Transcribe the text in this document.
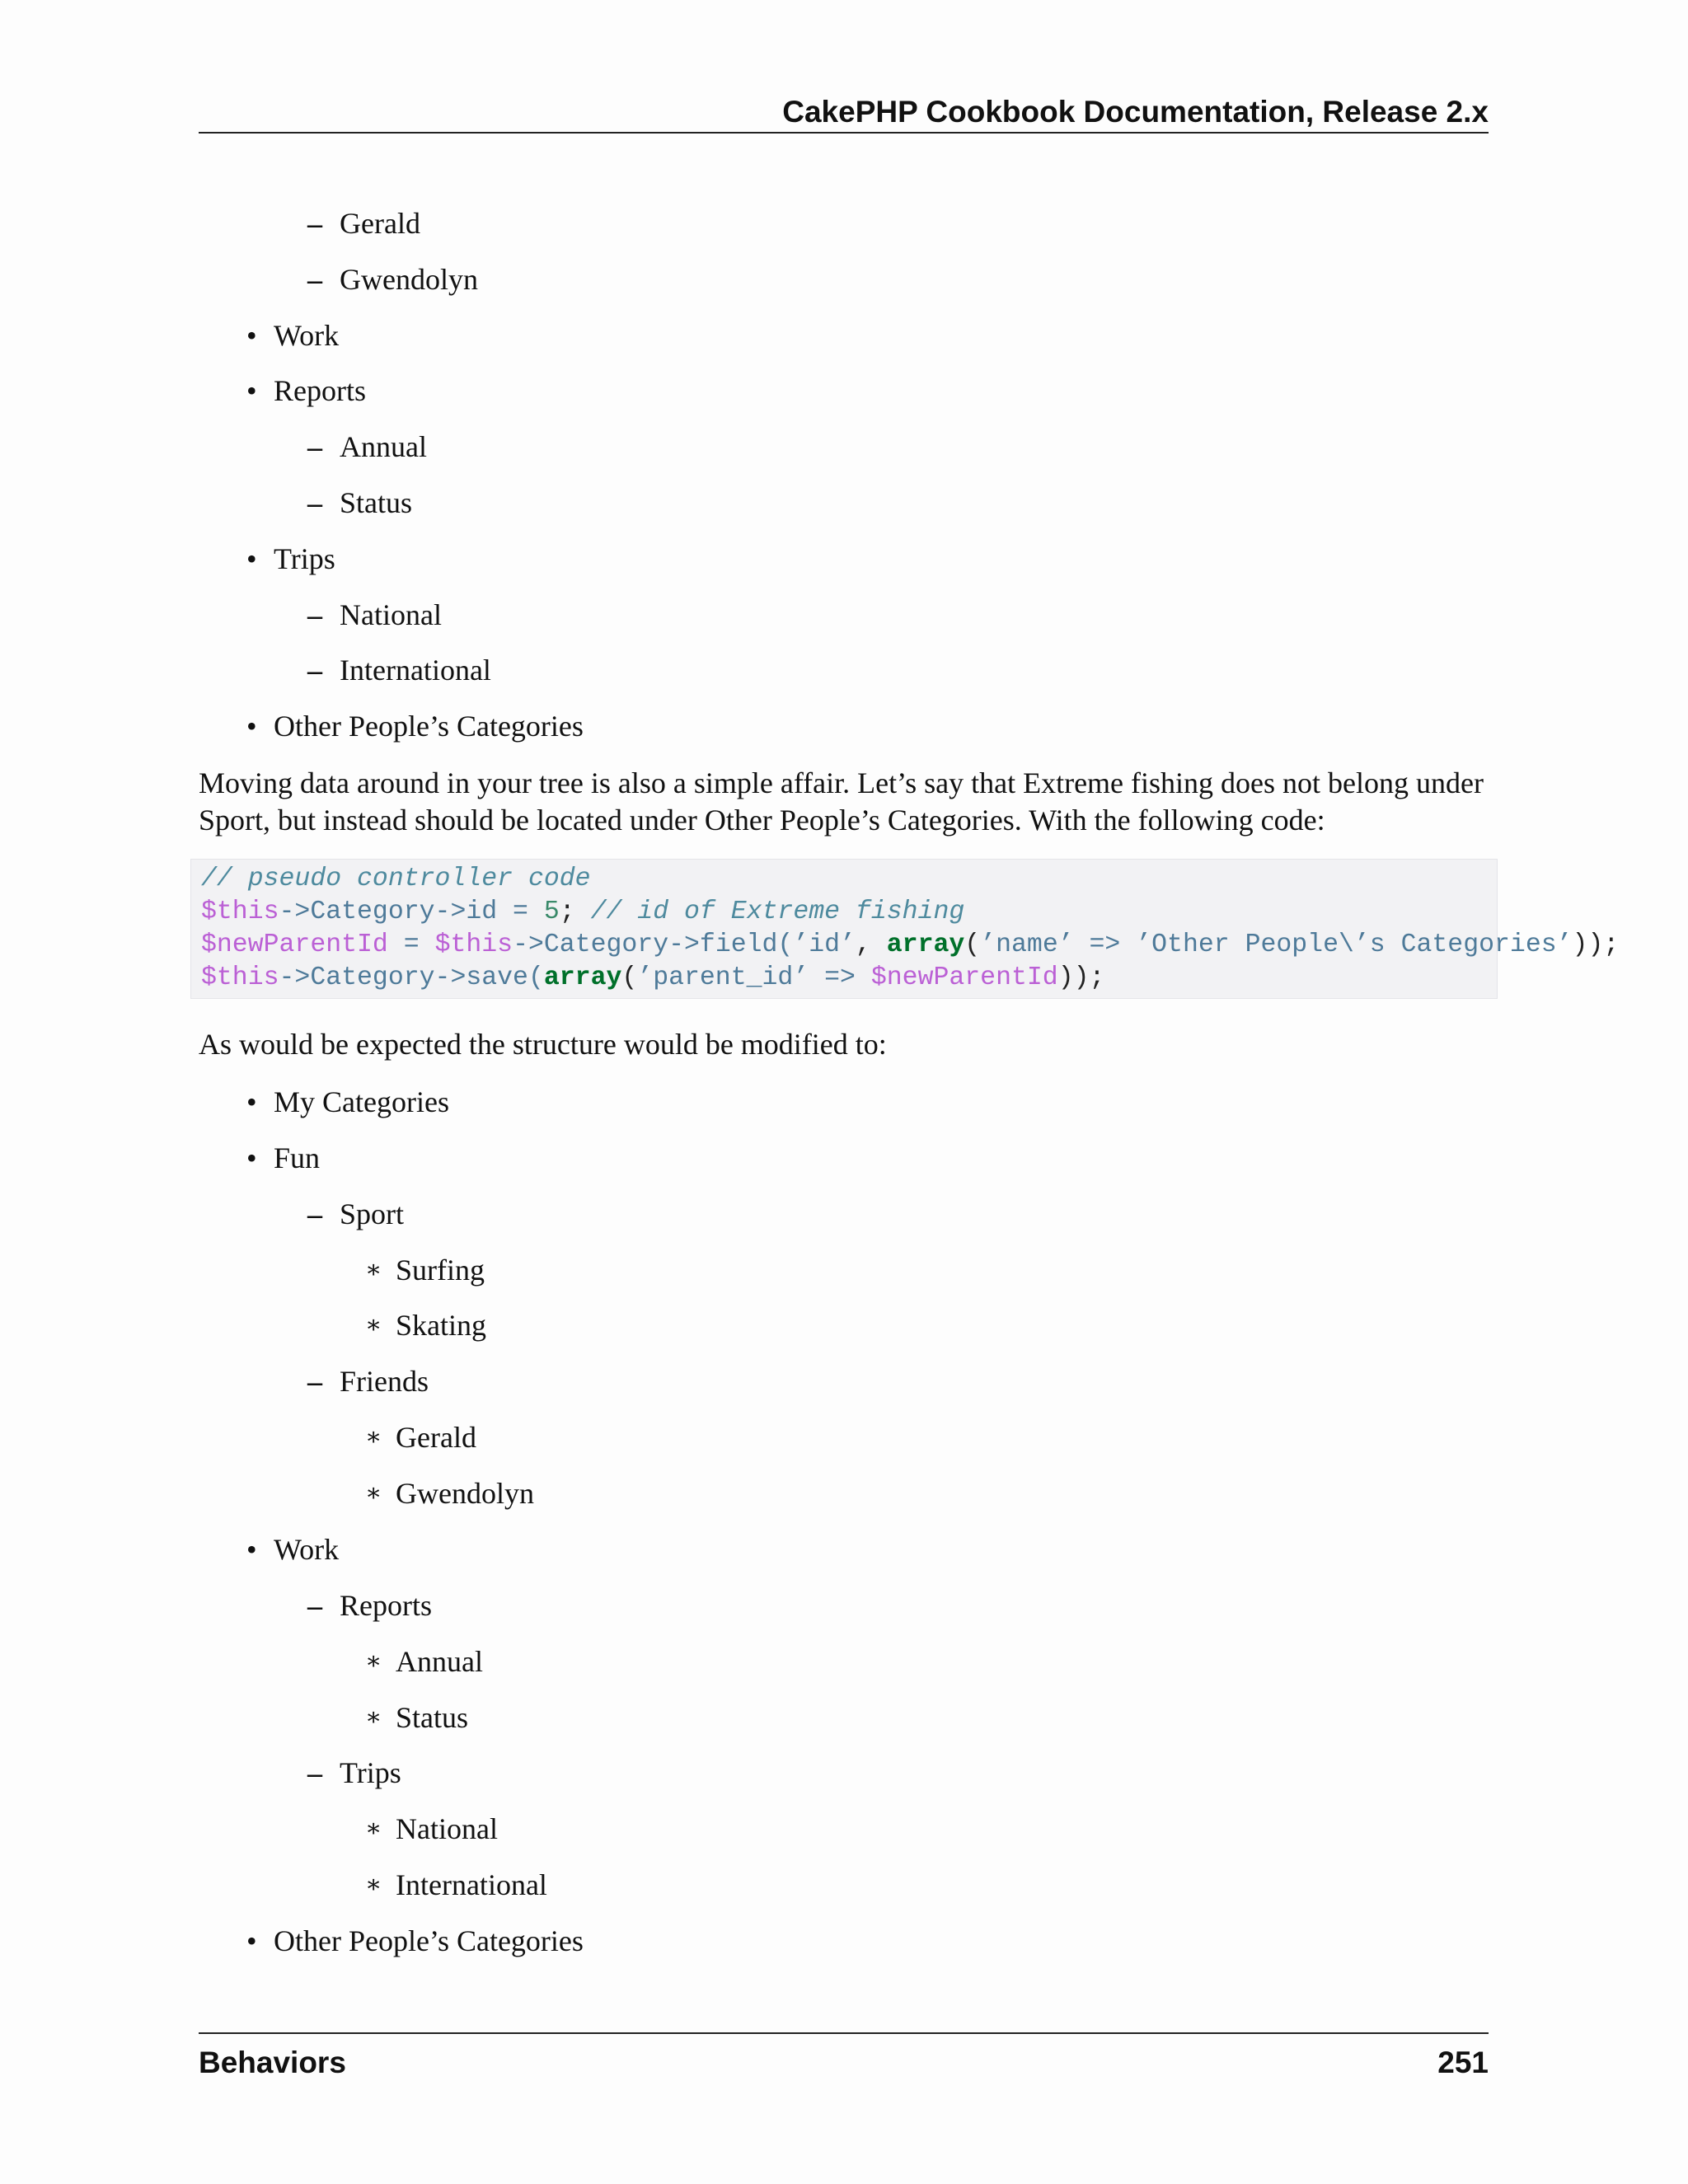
CakePHP Cookbook Documentation, Release 2.x
– Gerald
– Gwendolyn
• Work
• Reports
– Annual
– Status
• Trips
– National
– International
• Other People’s Categories
Moving data around in your tree is also a simple affair. Let’s say that Extreme fishing does not belong under
Sport, but instead should be located under Other People’s Categories. With the following code:
// pseudo controller code
$this->Category->id = 5; // id of Extreme fishing
$newParentId = $this->Category->field(’id’, array(’name’ => ’Other People\’s Categories’));
$this->Category->save(array(’parent_id’ => $newParentId));
As would be expected the structure would be modified to:
• My Categories
• Fun
– Sport
∗ Surfing
∗ Skating
– Friends
∗ Gerald
∗ Gwendolyn
• Work
– Reports
∗ Annual
∗ Status
– Trips
∗ National
∗ International
• Other People’s Categories
Behaviors	251
